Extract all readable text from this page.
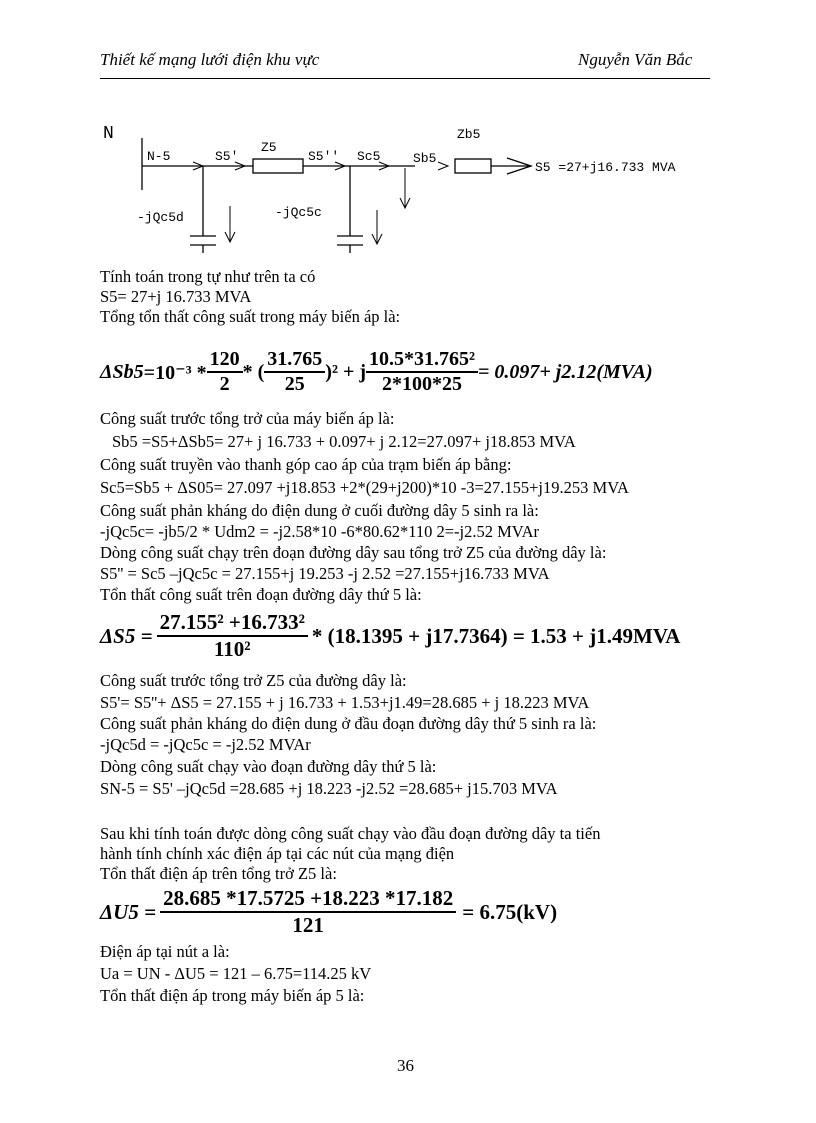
Thiết kế mạng lưới điện khu vực	Nguyễn Văn Bắc
N
N-5	S5'
-jQc5d
Z5
S5'' Sc5
-jQc5c
Sb5
Zb5
S5 =27+j16.733 MVA
Tính toán trong tự như trên ta có
S5= 27+j 16.733 MVA
Tổng tổn thất công suất trong máy biến áp là:
$\Delta Sb5 =10^{-3} * \frac{120}{2}$ * ( $\frac{31.765}{25} )^2 + j \frac{\text{10.5*31.765²}}{2*100*25} = 0.097+ j2.12(MVA)$
Công suất trước tổng trở của máy biến áp là:
Sb5 =S5+ΔSb5= 27+ j 16.733 + 0.097+ j 2.12=27.097+ j18.853 MVA
Công suất truyền vào thanh góp cao áp của trạm biến áp bằng:
Sc5=Sb5 + ΔS05= 27.097 +j18.853 +2*(29+j200)*10 -3=27.155+j19.253 MVA
Công suất phản kháng do điện dung ở cuối đường dây 5 sinh ra là:
-jQc5c= -jb5/2 * Udm2 = -j2.58*10 -6*80.62*110 2=-j2.52 MVAr
Dòng công suất chạy trên đoạn đường dây sau tổng trở Z5 của đường dây là:
S5'' = Sc5 –jQc5c = 27.155+j 19.253 -j 2.52 =27.155+j16.733 MVA
Tổn thất công suất trên đoạn đường dây thứ 5 là:
$\Delta S5 = \frac{\text{27.155² +16.733²}}{\text{110²}} * (18.1395 + j17.7364) = 1.53 + j1.49MVA$
Công suất trước tổng trở Z5 của đường dây là:
S5'= S5''+ ΔS5 = 27.155 + j 16.733 + 1.53+j1.49=28.685 + j 18.223 MVA
Công suất phản kháng do điện dung ở đầu đoạn đường dây thứ 5 sinh ra là:
-jQc5d = -jQc5c = -j2.52 MVAr
Dòng công suất chạy vào đoạn đường dây thứ 5 là:
SN-5 = S5' –jQc5d =28.685 +j 18.223 -j2.52 =28.685+ j15.703 MVA
Sau khi tính toán được dòng công suất chạy vào đầu đoạn đường dây ta tiến
hành tính chính xác điện áp tại các nút của mạng điện
Tổn thất điện áp trên tổng trở Z5 là:
$\Delta U5 = \frac{28.685 *17.5725 +18.223 *17.182}{121} = 6.75(kV)$
Điện áp tại nút a là:
Ua = UN - ΔU5 = 121 – 6.75=114.25 kV
Tổn thất điện áp trong máy biến áp 5 là:
36
